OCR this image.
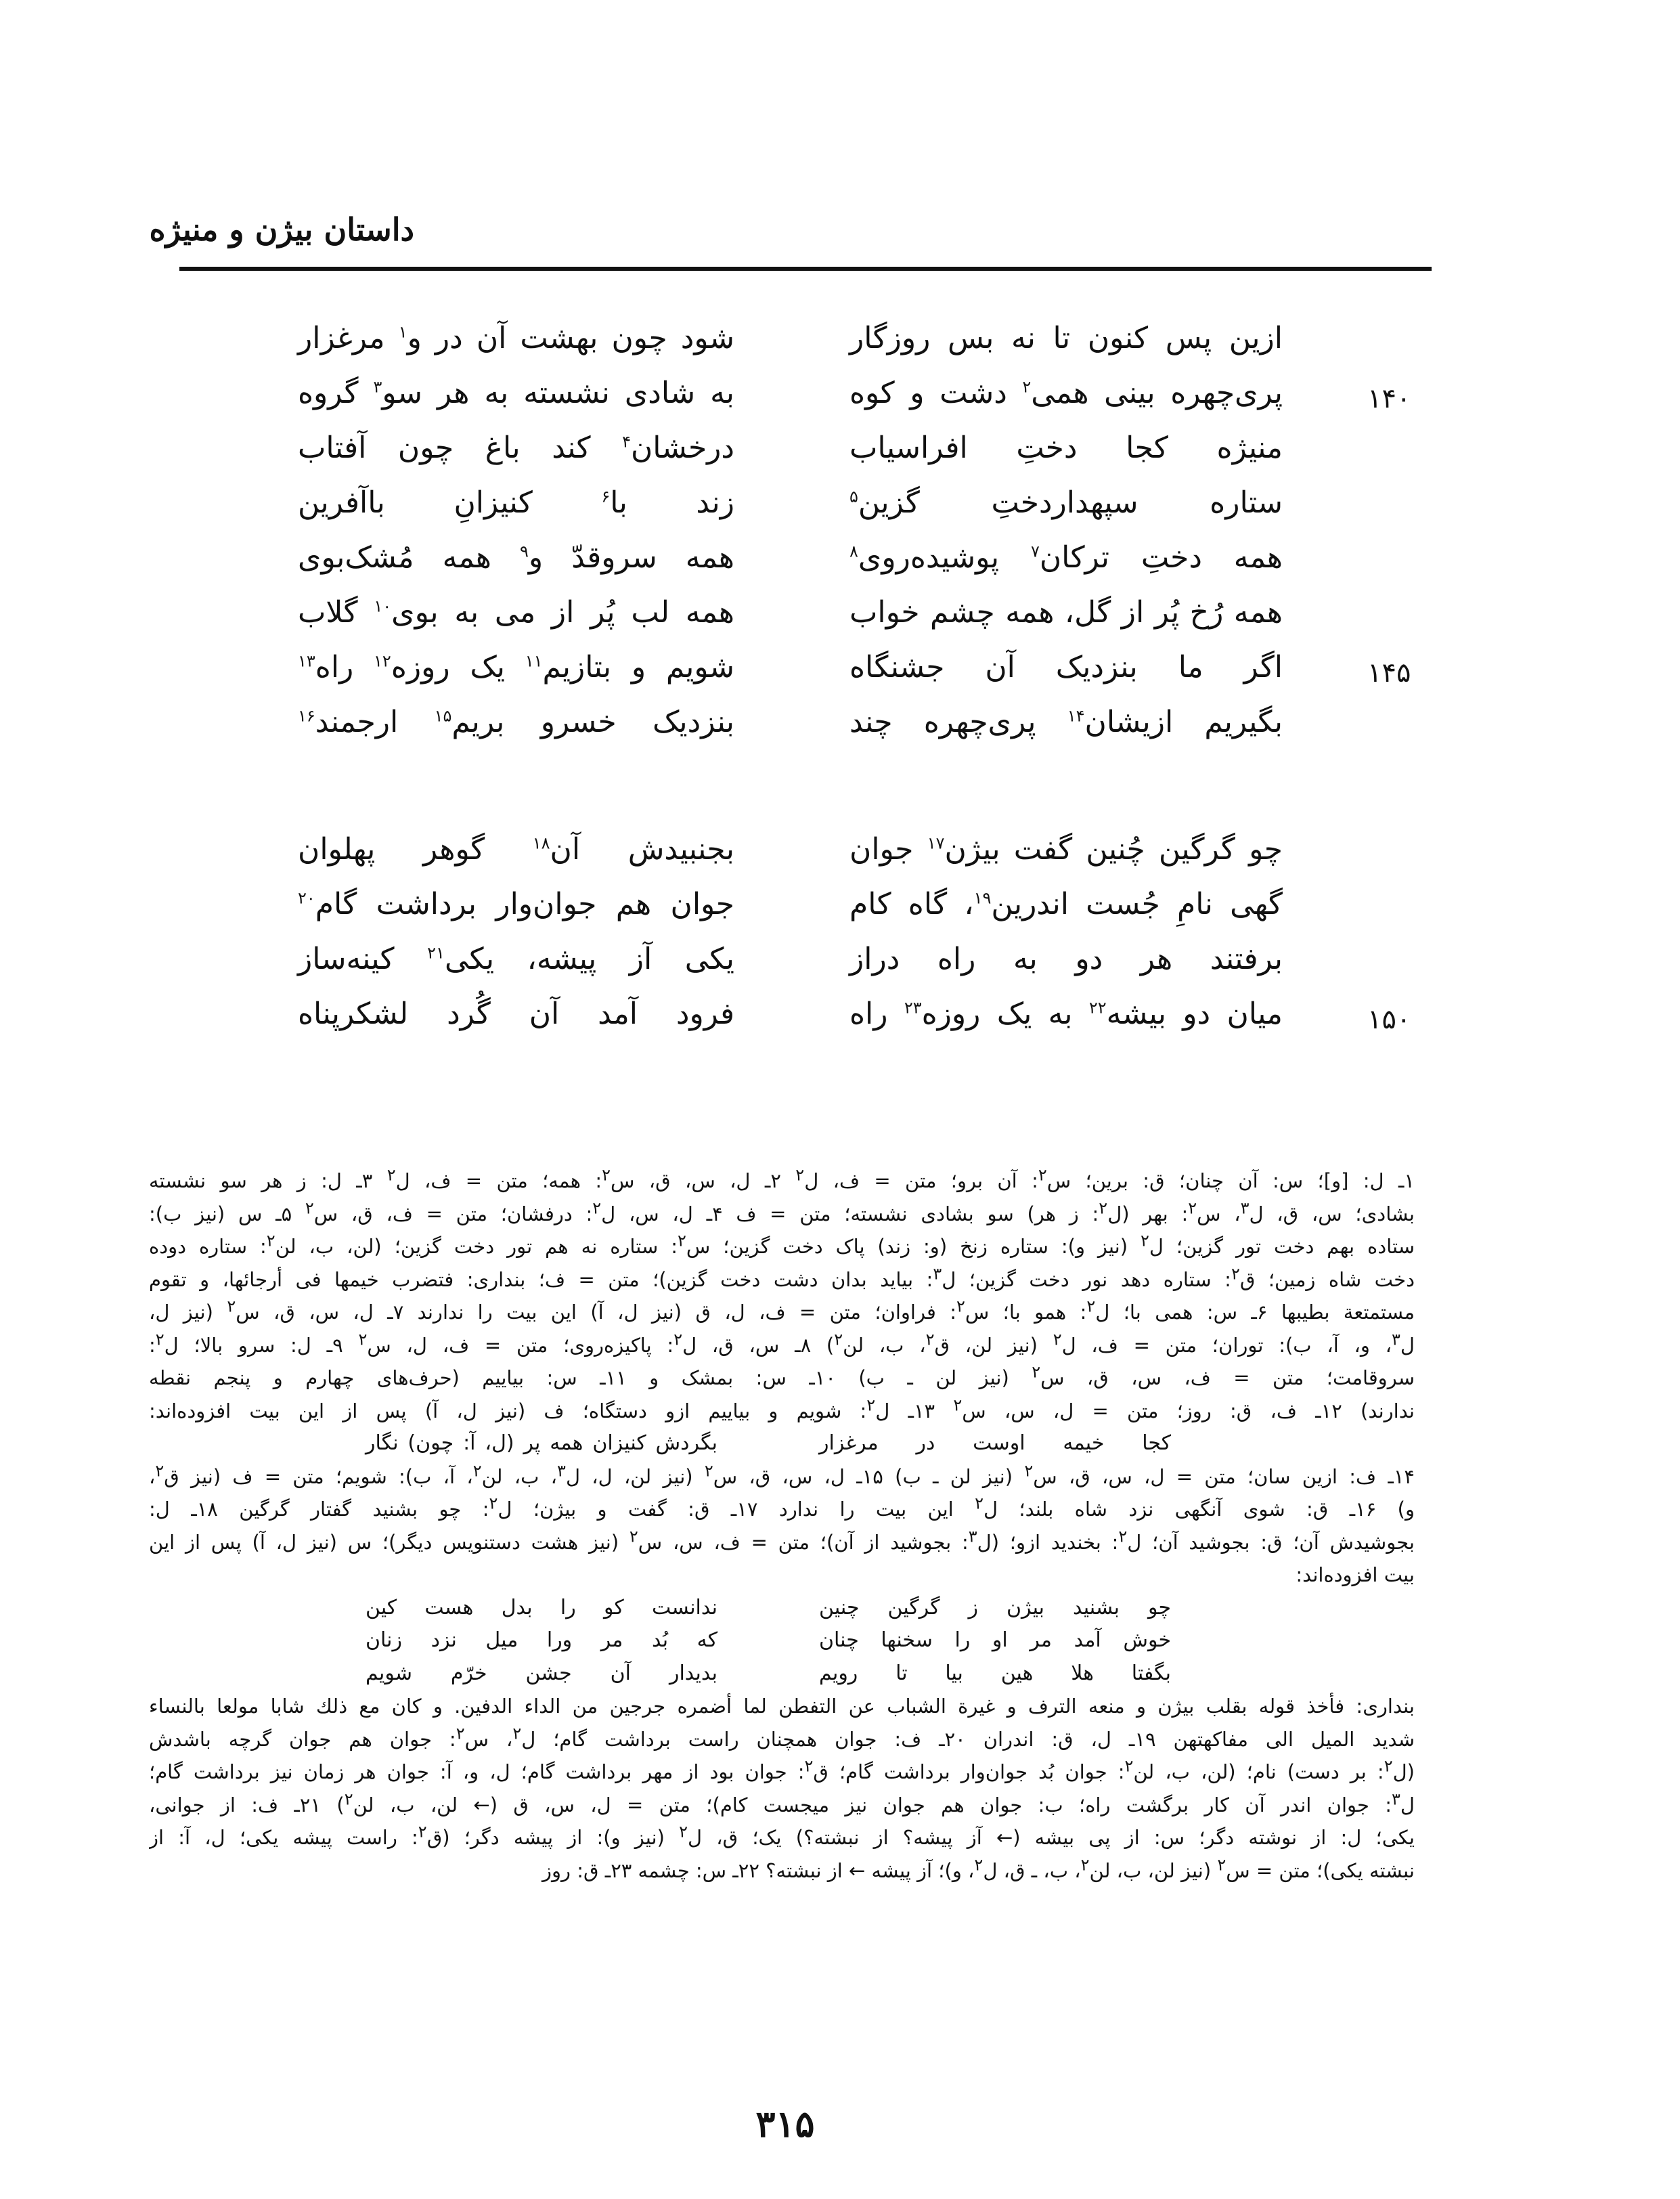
داستان بیژن و منیژه
ازین پس کنون تا نه بس روزگار
شود چون بهشت آن در و$^۱$ مرغزار
پری‌چهره بینی همی$^۲$ دشت و کوه
به شادی نشسته به هر سو$^۳$ گروه	۱۴۰
منیژه کجا دختِ افراسیاب
درخشان$^۴$ کند باغ چون آفتاب
ستاره سپهداردختِ گزین$^۵$
زند با$^۶$ کنیزانِ باآفرین
همه دختِ ترکان$^۷$ پوشیده‌روی$^۸$
همه سروقدّ و$^۹$ همه مُشک‌بوی
همه رُخ پُر از گل، همه چشم خواب
همه لب پُر از می به بوی$^{۱۰}$ گلاب
اگر ما بنزدیک آن جشنگاه
شویم و بتازیم$^{۱۱}$ یک روزه$^{۱۲}$ راه$^{۱۳}$	۱۴۵
بگیریم ازیشان$^{۱۴}$ پری‌چهره چند
بنزدیک خسرو بریم$^{۱۵}$ ارجمند$^{۱۶}$
چو گرگین چُنین گفت بیژن$^{۱۷}$ جوان
بجنبیدش آن$^{۱۸}$ گوهر پهلوان
گهی نامِ جُست اندرین$^{۱۹}$، گاه کام
جوان هم جوان‌وار برداشت گام$^{۲۰}$
برفتند هر دو به راه دراز
یکی آز پیشه، یکی$^{۲۱}$ کینه‌ساز
میان دو بیشه$^{۲۲}$ به یک روزه$^{۲۳}$ راه
فرود آمد آن گُرد لشکرپناه	۱۵۰
۱ـ ل: [و]؛ س: آن چنان؛ ق: برین؛ س$^۲$: آن برو؛ متن = ف، ل$^۲$ ۲ـ ل، س، ق، س$^۲$: همه؛ متن = ف، ل$^۲$ ۳ـ ل: ز هر سو نشسته
بشادی؛ س، ق، ل$^۳$، س$^۲$: بهر (ل$^۲$: ز هر) سو بشادی نشسته؛ متن = ف ۴ـ ل، س، ل$^۲$: درفشان؛ متن = ف، ق، س$^۲$ ۵ـ س (نیز ب):
ستاده بهم دخت تور گزین؛ ل$^۲$ (نیز و): ستاره زنخ (و: زند) پاک دخت گزین؛ س$^۲$: ستاره نه هم تور دخت گزین؛ (لن، ب، لن$^۲$: ستاره دوده
دخت شاه زمین؛ ق$^۲$: ستاره دهد نور دخت گزین؛ ل$^۳$: بیاید بدان دشت دخت گزین)؛ متن = ف؛ بنداری: فتضرب خیمها فی أرجائها، و تقوم
مستمتعة بطيبها ۶ـ س: همی با؛ ل$^۲$: همو با؛ س$^۲$: فراوان؛ متن = ف، ل، ق (نیز ل، آ) این بیت را ندارند ۷ـ ل، س، ق، س$^۲$ (نیز ل،
ل$^۳$، و، آ، ب): توران؛ متن = ف، ل$^۲$ (نیز لن، ق$^۲$، ب، لن$^۲$) ۸ـ س، ق، ل$^۲$: پاکیزه‌روی؛ متن = ف، ل، س$^۲$ ۹ـ ل: سرو بالا؛ ل$^۲$:
سروقامت؛ متن = ف، س، ق، س$^۲$ (نیز لن ـ ب) ۱۰ـ س: بمشک و ۱۱ـ س: بیاییم (حرف‌های چهارم و پنجم نقطه
ندارند) ۱۲ـ ف، ق: روز؛ متن = ل، س، س$^۲$ ۱۳ـ ل$^۲$: شویم و بیاییم ازو دستگاه؛ ف (نیز ل، آ) پس از این بیت افزوده‌اند:
کجا خیمه اوست در مرغزار
بگردش کنیزان همه پر (ل، آ: چون) نگار
۱۴ـ ف: ازین سان؛ متن = ل، س، ق، س$^۲$ (نیز لن ـ ب) ۱۵ـ ل، س، ق، س$^۲$ (نیز لن، ل، ل$^۳$، ب، لن$^۲$، آ، ب): شویم؛ متن = ف (نیز ق$^۲$،
و) ۱۶ـ ق: شوی آنگهی نزد شاه بلند؛ ل$^۲$ این بیت را ندارد ۱۷ـ ق: گفت و بیژن؛ ل$^۲$: چو بشنید گفتار گرگین ۱۸ـ ل:
بجوشیدش آن؛ ق: بجوشید آن؛ ل$^۲$: بخندید ازو؛ (ل$^۳$: بجوشید از آن)؛ متن = ف، س، س$^۲$ (نیز هشت دستنویس دیگر)؛ س (نیز ل، آ) پس از این
بیت افزوده‌اند:
چو بشنید بیژن ز گرگین چنین
ندانست کو را بدل هست کین
خوش آمد مر او را سخنها چنان
که بُد مر ورا میل نزد زنان
بگفتا هلا هین بیا تا رویم
بدیدار آن جشن خرّم شویم
بنداری: فأخذ قوله بقلب بیژن و منعه الترف و غیرة الشباب عن التفطن لما أضمره جرجین من الداء الدفین. و كان مع ذلك شابا مولعا بالنساء
شدید المیل الی مفاكهتهن ۱۹ـ ل، ق: اندران ۲۰ـ ف: جوان همچنان راست برداشت گام؛ ل$^۲$، س$^۲$: جوان هم جوان گرچه باشدش
(ل$^۲$: بر دست) نام؛ (لن، ب، لن$^۲$: جوان بُد جوان‌وار برداشت گام؛ ق$^۲$: جوان بود از مهر برداشت گام؛ ل، و، آ: جوان هر زمان نیز برداشت گام؛
ل$^۳$: جوان اندر آن کار برگشت راه؛ ب: جوان هم جوان نیز میجست کام)؛ متن = ل، س، ق (← لن، ب، لن$^۲$) ۲۱ـ ف: از جوانی،
یکی؛ ل: از نوشته دگر؛ س: از پی بیشه (← آز پیشه؟ از نبشته؟) یک؛ ق، ل$^۲$ (نیز و): از پیشه دگر؛ (ق$^۲$: راست پیشه یکی؛ ل، آ: از
نبشته یکی)؛ متن = س$^۲$ (نیز لن، ب، لن$^۲$، ب، ـ ق، ل$^۲$، و)؛ آز پیشه ← از نبشته؟ ۲۲ـ س: چشمه ۲۳ـ ق: روز
۳۱۵
